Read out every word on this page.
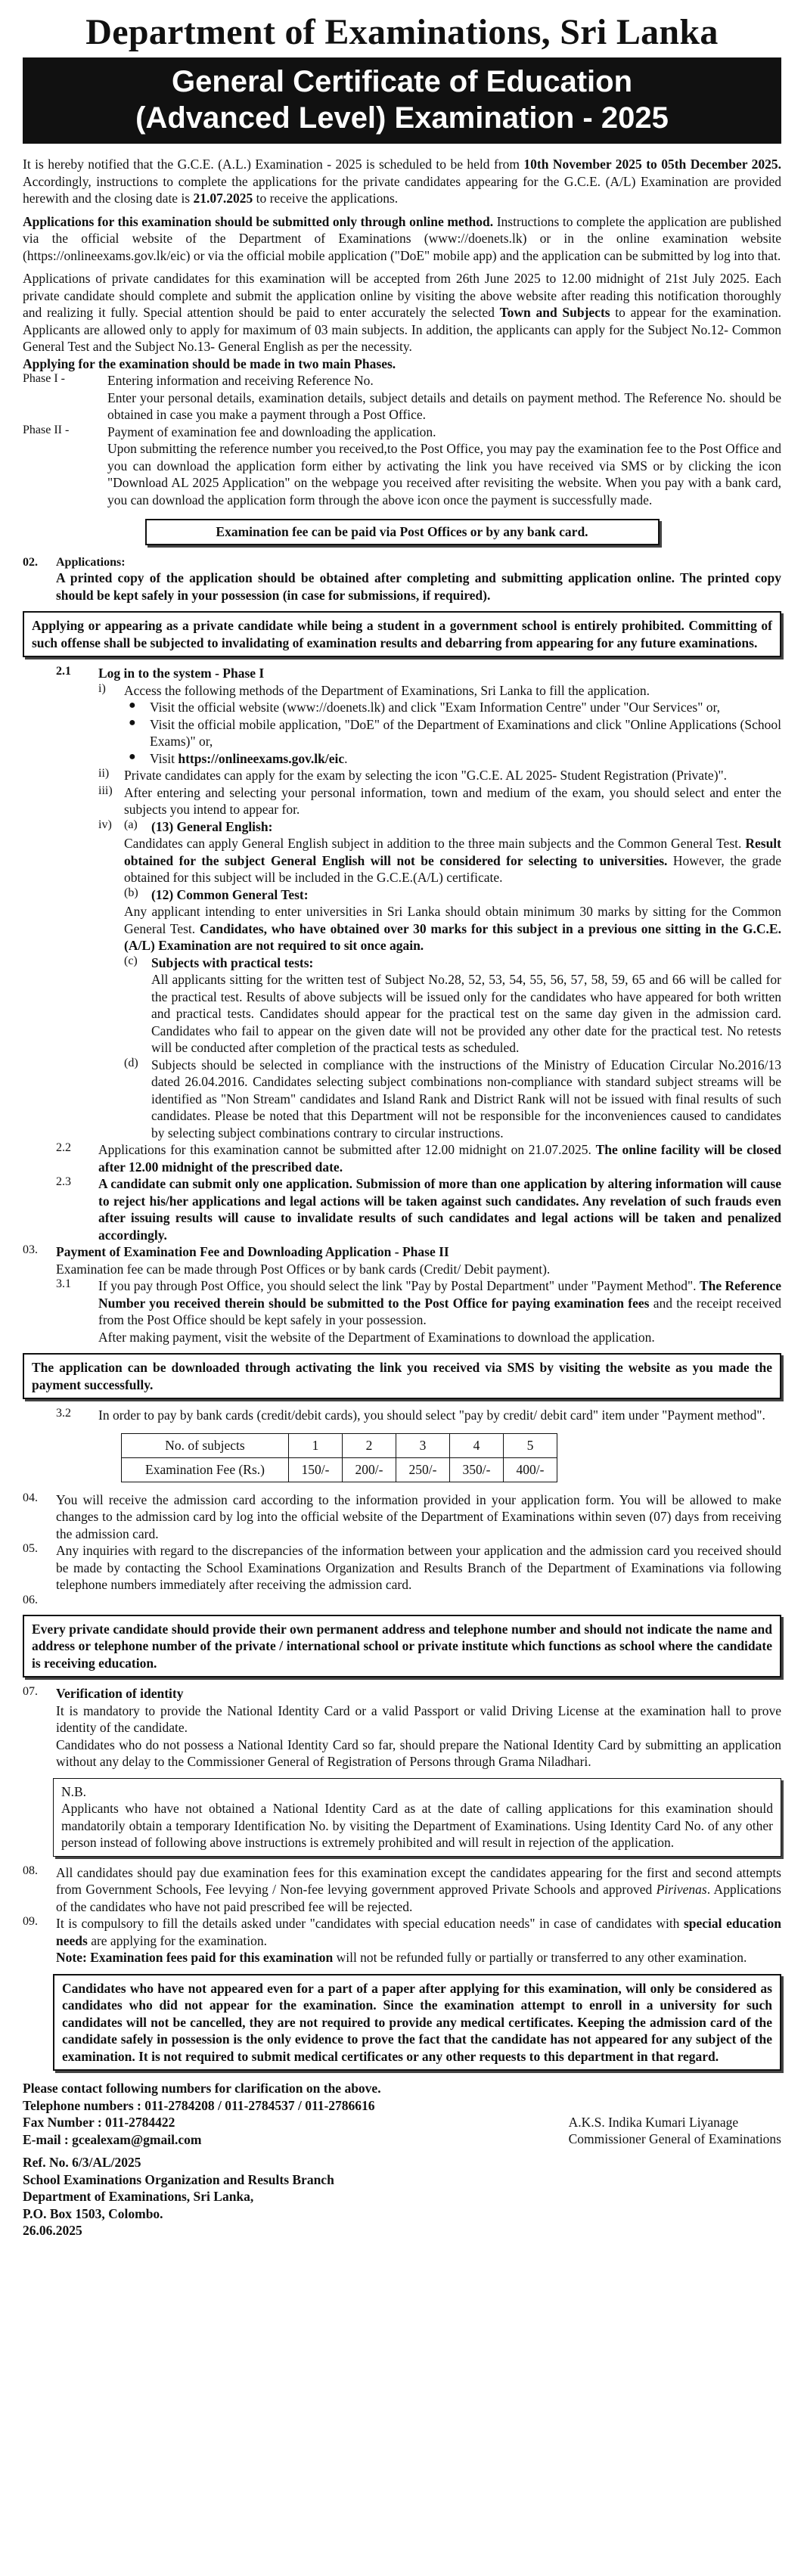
Department of Examinations, Sri Lanka
General Certificate of Education
(Advanced Level) Examination - 2025

It is hereby notified that the G.C.E. (A.L.) Examination - 2025 is scheduled to be held from 10th November 2025 to 05th December 2025. Accordingly, instructions to complete the applications for the private candidates appearing for the G.C.E. (A/L) Examination are provided herewith and the closing date is 21.07.2025 to receive the applications.

Applications for this examination should be submitted only through online method. Instructions to complete the application are published via the official website of the Department of Examinations (www://doenets.lk) or in the online examination website (https://onlineexams.gov.lk/eic) or via the official mobile application ("DoE" mobile app) and the application can be submitted by log into that.

Applications of private candidates for this examination will be accepted from 26th June 2025 to 12.00 midnight of 21st July 2025. Each private candidate should complete and submit the application online by visiting the above website after reading this notification thoroughly and realizing it fully. Special attention should be paid to enter accurately the selected Town and Subjects to appear for the examination. Applicants are allowed only to apply for maximum of 03 main subjects. In addition, the applicants can apply for the Subject No.12- Common General Test and the Subject No.13- General English as per the necessity.

Applying for the examination should be made in two main Phases.

Phase I -	Entering information and receiving Reference No.

Enter your personal details, examination details, subject details and details on payment method. The Reference No. should be obtained in case you make a payment through a Post Office.

Phase II -	Payment of examination fee and downloading the application.

Upon submitting the reference number you received,to the Post Office, you may pay the examination fee to the Post Office and you can download the application form either by activating the link you have received via SMS or by clicking the icon "Download AL 2025 Application" on the webpage you received after revisiting the website. When you pay with a bank card, you can download the application form through the above icon once the payment is successfully made.

Examination fee can be paid via Post Offices or by any bank card.
02.	Applications:

A printed copy of the application should be obtained after completing and submitting application online. The printed copy should be kept safely in your possession (in case for submissions, if required).

Applying or appearing as a private candidate while being a student in a government school is entirely prohibited. Committing of such offense shall be subjected to invalidating of examination results and debarring from appearing for any future examinations.
2.1	Log in to the system - Phase I

i)	Access the following methods of the Department of Examinations, Sri Lanka to fill the application.

●	Visit the official website (www://doenets.lk) and click "Exam Information Centre" under "Our Services" or,

●	Visit the official mobile application, "DoE" of the Department of Examinations and click "Online Applications (School Exams)" or,

●	Visit https://onlineexams.gov.lk/eic.

ii)	Private candidates can apply for the exam by selecting the icon "G.C.E. AL 2025- Student Registration (Private)".

iii) After entering and selecting your personal information, town and medium of the exam, you should select and enter the subjects you intend to appear for.

iv)	(a)	(13) General English:

Candidates can apply General English subject in addition to the three main subjects and the Common General Test. Result obtained for the subject General English will not be considered for selecting to universities. However, the grade obtained for this subject will be included in the G.C.E.(A/L) certificate.

(b) (12) Common General Test:

Any applicant intending to enter universities in Sri Lanka should obtain minimum 30 marks by sitting for the Common General Test. Candidates, who have obtained over 30 marks for this subject in a previous one sitting in the G.C.E. (A/L) Examination are not required to sit once again.

(c)	Subjects with practical tests:

All applicants sitting for the written test of Subject No.28, 52, 53, 54, 55, 56, 57, 58, 59, 65 and 66 will be called for the practical test. Results of above subjects will be issued only for the candidates who have appeared for both written and practical tests. Candidates should appear for the practical test on the same day given in the admission card. Candidates who fail to appear on the given date will not be provided any other date for the practical test. No retests will be conducted after completion of the practical tests as scheduled.

(d) Subjects should be selected in compliance with the instructions of the Ministry of Education Circular No.2016/13 dated 26.04.2016. Candidates selecting subject combinations non-compliance with standard subject streams will be identified as "Non Stream" candidates and Island Rank and District Rank will not be issued with final results of such candidates. Please be noted that this Department will not be responsible for the inconveniences caused to candidates by selecting subject combinations contrary to circular instructions.

2.2	Applications for this examination cannot be submitted after 12.00 midnight on 21.07.2025. The online facility will be closed after 12.00 midnight of the prescribed date.

2.3	A candidate can submit only one application. Submission of more than one application by altering information will cause to reject his/her applications and legal actions will be taken against such candidates. Any revelation of such frauds even after issuing results will cause to invalidate results of such candidates and legal actions will be taken and penalized accordingly.

03.	Payment of Examination Fee and Downloading Application - Phase II

Examination fee can be made through Post Offices or by bank cards (Credit/ Debit payment).

3.1	If you pay through Post Office, you should select the link "Pay by Postal Department" under "Payment Method". The Reference Number you received therein should be submitted to the Post Office for paying examination fees and the receipt received from the Post Office should be kept safely in your possession.

After making payment, visit the website of the Department of Examinations to download the application.

The application can be downloaded through activating the link you received via SMS by visiting the website as you made the payment successfully.
3.2	In order to pay by bank cards (credit/debit cards), you should select "pay by credit/ debit card" item under "Payment method".

No. of subjects	1	2	3	4	5
Examination Fee (Rs.)	150/-	200/-	250/-	350/-	400/-
04.	You will receive the admission card according to the information provided in your application form. You will be allowed to make changes to the admission card by log into the official website of the Department of Examinations within seven (07) days from receiving the admission card.

05.	Any inquiries with regard to the discrepancies of the information between your application and the admission card you received should be made by contacting the School Examinations Organization and Results Branch of the Department of Examinations via following telephone numbers immediately after receiving the admission card.

06.
Every private candidate should provide their own permanent address and telephone number and should not indicate the name and address or telephone number of the private / international school or private institute which functions as school where the candidate is receiving education.
07.	Verification of identity

It is mandatory to provide the National Identity Card or a valid Passport or valid Driving License at the examination hall to prove identity of the candidate.

Candidates who do not possess a National Identity Card so far, should prepare the National Identity Card by submitting an application without any delay to the Commissioner General of Registration of Persons through Grama Niladhari.

N.B.

Applicants who have not obtained a National Identity Card as at the date of calling applications for this examination should mandatorily obtain a temporary Identification No. by visiting the Department of Examinations. Using Identity Card No. of any other person instead of following above instructions is extremely prohibited and will result in rejection of the application.

08.	All candidates should pay due examination fees for this examination except the candidates appearing for the first and second attempts from Government Schools, Fee levying / Non-fee levying government approved Private Schools and approved Pirivenas. Applications of the candidates who have not paid prescribed fee will be rejected.

09.	It is compulsory to fill the details asked under "candidates with special education needs" in case of candidates with special education needs are applying for the examination.

Note: Examination fees paid for this examination will not be refunded fully or partially or transferred to any other examination.

Candidates who have not appeared even for a part of a paper after applying for this examination, will only be considered as candidates who did not appear for the examination. Since the examination attempt to enroll in a university for such candidates will not be cancelled, they are not required to provide any medical certificates. Keeping the admission card of the candidate safely in possession is the only evidence to prove the fact that the candidate has not appeared for any subject of the examination. It is not required to submit medical certificates or any other requests to this department in that regard.

Please contact following numbers for clarification on the above.

Telephone numbers : 011-2784208 / 011-2784537 / 011-2786616

Fax Number : 011-2784422

E-mail : gcealexam@gmail.com

A.K.S. Indika Kumari Liyanage

Commissioner General of Examinations

Ref. No. 6/3/AL/2025

School Examinations Organization and Results Branch

Department of Examinations, Sri Lanka,

P.O. Box 1503, Colombo.

26.06.2025
